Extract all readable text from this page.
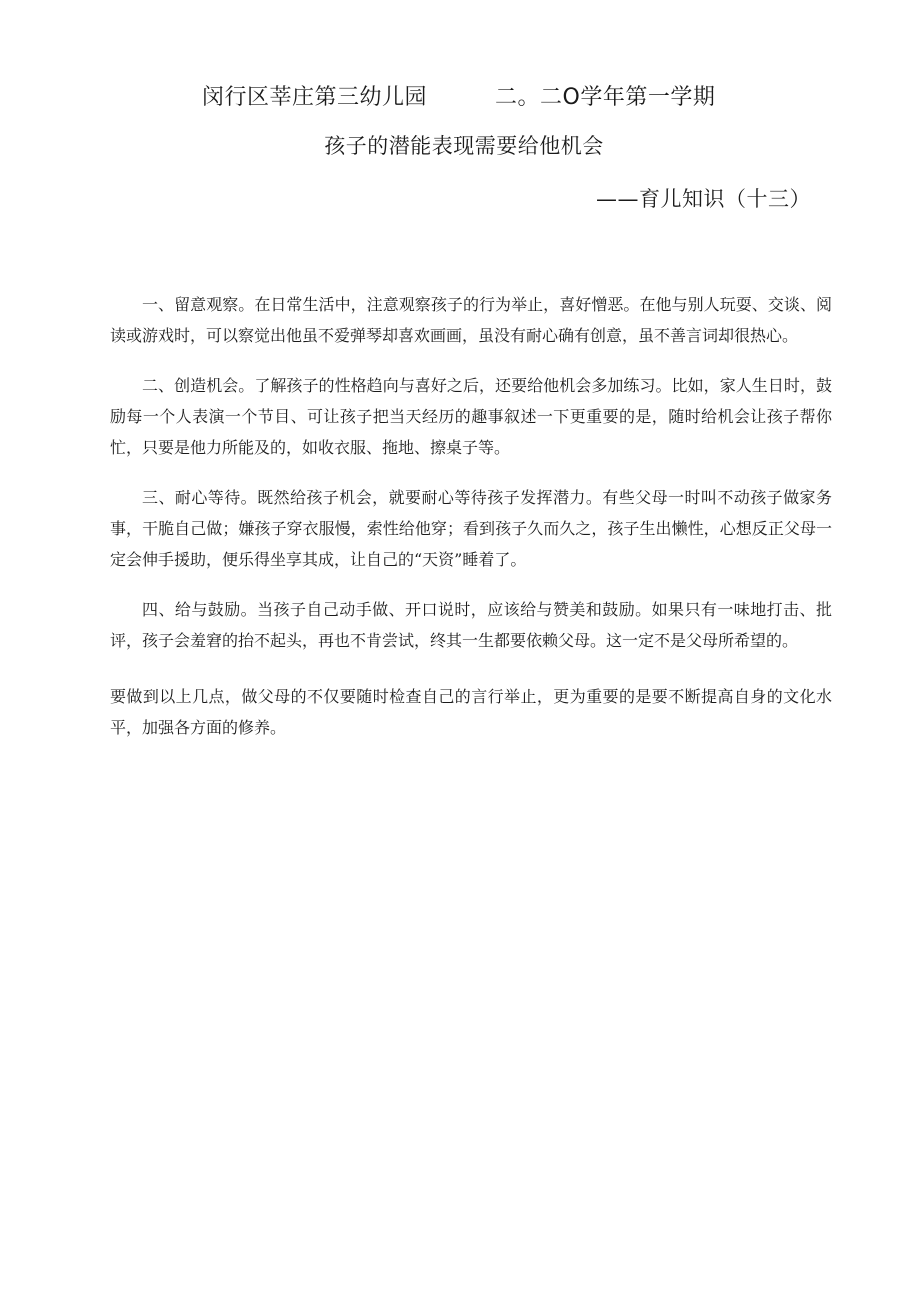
闵行区莘庄第三幼儿园	二。二O学年第一学期
孩子的潜能表现需要给他机会
——育儿知识（十三）

一、留意观察。在日常生活中，注意观察孩子的行为举止，喜好憎恶。在他与别人玩耍、交谈、阅读或游戏时，可以察觉出他虽不爱弹琴却喜欢画画，虽没有耐心确有创意，虽不善言词却很热心。

二、创造机会。了解孩子的性格趋向与喜好之后，还要给他机会多加练习。比如，家人生日时，鼓励每一个人表演一个节目、可让孩子把当天经历的趣事叙述一下更重要的是，随时给机会让孩子帮你忙，只要是他力所能及的，如收衣服、拖地、擦桌子等。

三、耐心等待。既然给孩子机会，就要耐心等待孩子发挥潜力。有些父母一时叫不动孩子做家务事，干脆自己做；嫌孩子穿衣服慢，索性给他穿；看到孩子久而久之，孩子生出懒性，心想反正父母一定会伸手援助，便乐得坐享其成，让自己的“天资”睡着了。

四、给与鼓励。当孩子自己动手做、开口说时，应该给与赞美和鼓励。如果只有一味地打击、批评，孩子会羞窘的抬不起头，再也不肯尝试，终其一生都要依赖父母。这一定不是父母所希望的。

要做到以上几点，做父母的不仅要随时检查自己的言行举止，更为重要的是要不断提高自身的文化水平，加强各方面的修养。
